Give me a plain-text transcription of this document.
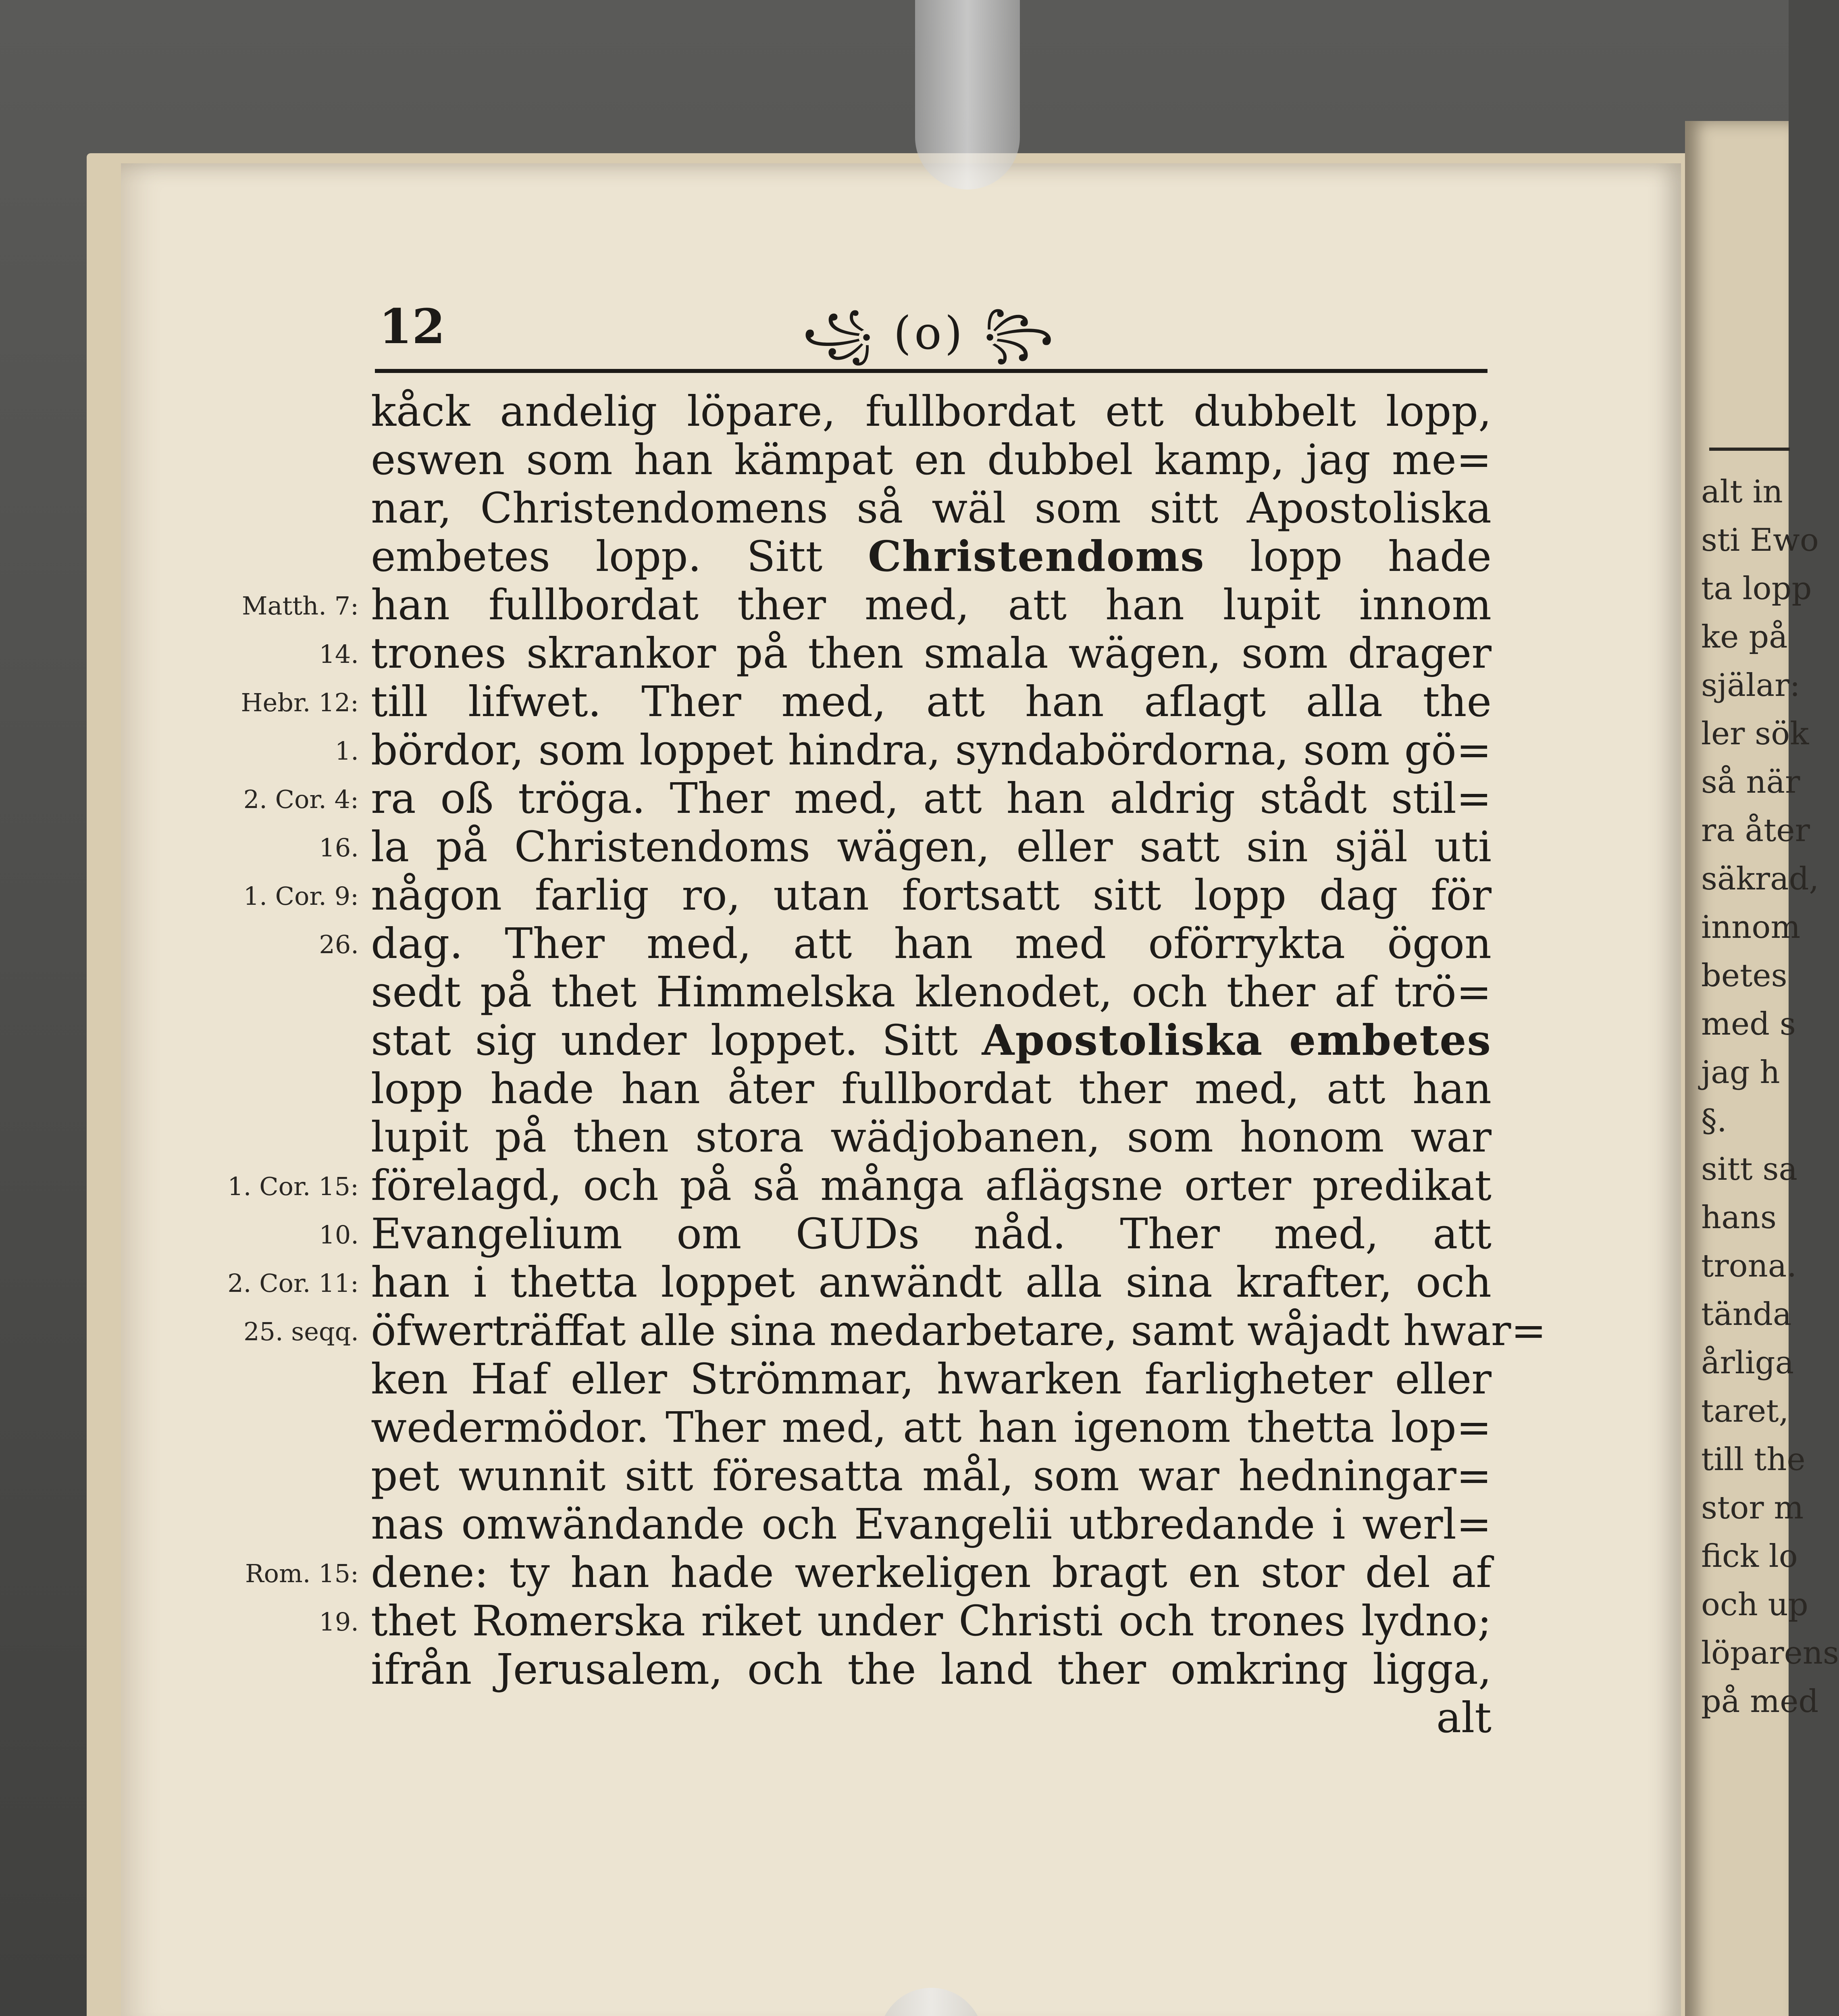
alt in
sti Ewo
ta lopp
ke på
själar:
ler sök
så när
ra åter
säkrad,
innom
betes
med s
jag h
§.
sitt sa
hans
trona.
tända
årliga
taret,
till the
stor m
fick lo
och up
löparens
på med
12	꧁ (o) ꧂
Matth. 7:
14.
Hebr. 12:
1.
2. Cor. 4:
16.
1. Cor. 9:
26.
1. Cor. 15:
10.
2. Cor. 11:
25. seqq.
Rom. 15:
19.
kåck andelig löpare, fullbordat ett dubbelt lopp,
eswen som han kämpat en dubbel kamp, jag me=
nar, Christendomens så wäl som sitt Apostoliska
embetes lopp. Sitt Christendoms lopp hade
han fullbordat ther med, att han lupit innom
trones skrankor på then smala wägen, som drager
till lifwet. Ther med, att han aflagt alla the
bördor, som loppet hindra, syndabördorna, som gö=
ra oß tröga. Ther med, att han aldrig stådt stil=
la på Christendoms wägen, eller satt sin själ uti
någon farlig ro, utan fortsatt sitt lopp dag för
dag. Ther med, att han med oförrykta ögon
sedt på thet Himmelska klenodet, och ther af trö=
stat sig under loppet. Sitt Apostoliska embetes
lopp hade han åter fullbordat ther med, att han
lupit på then stora wädjobanen, som honom war
förelagd, och på så många aflägsne orter predikat
Evangelium om GUDs nåd. Ther med, att
han i thetta loppet anwändt alla sina krafter, och
öfwerträffat alle sina medarbetare, samt wåjadt hwar=
ken Haf eller Strömmar, hwarken farligheter eller
wedermödor. Ther med, att han igenom thetta lop=
pet wunnit sitt föresatta mål, som war hedningar=
nas omwändande och Evangelii utbredande i werl=
dene: ty han hade werkeligen bragt en stor del af
thet Romerska riket under Christi och trones lydno;
ifrån Jerusalem, och the land ther omkring ligga,
alt
